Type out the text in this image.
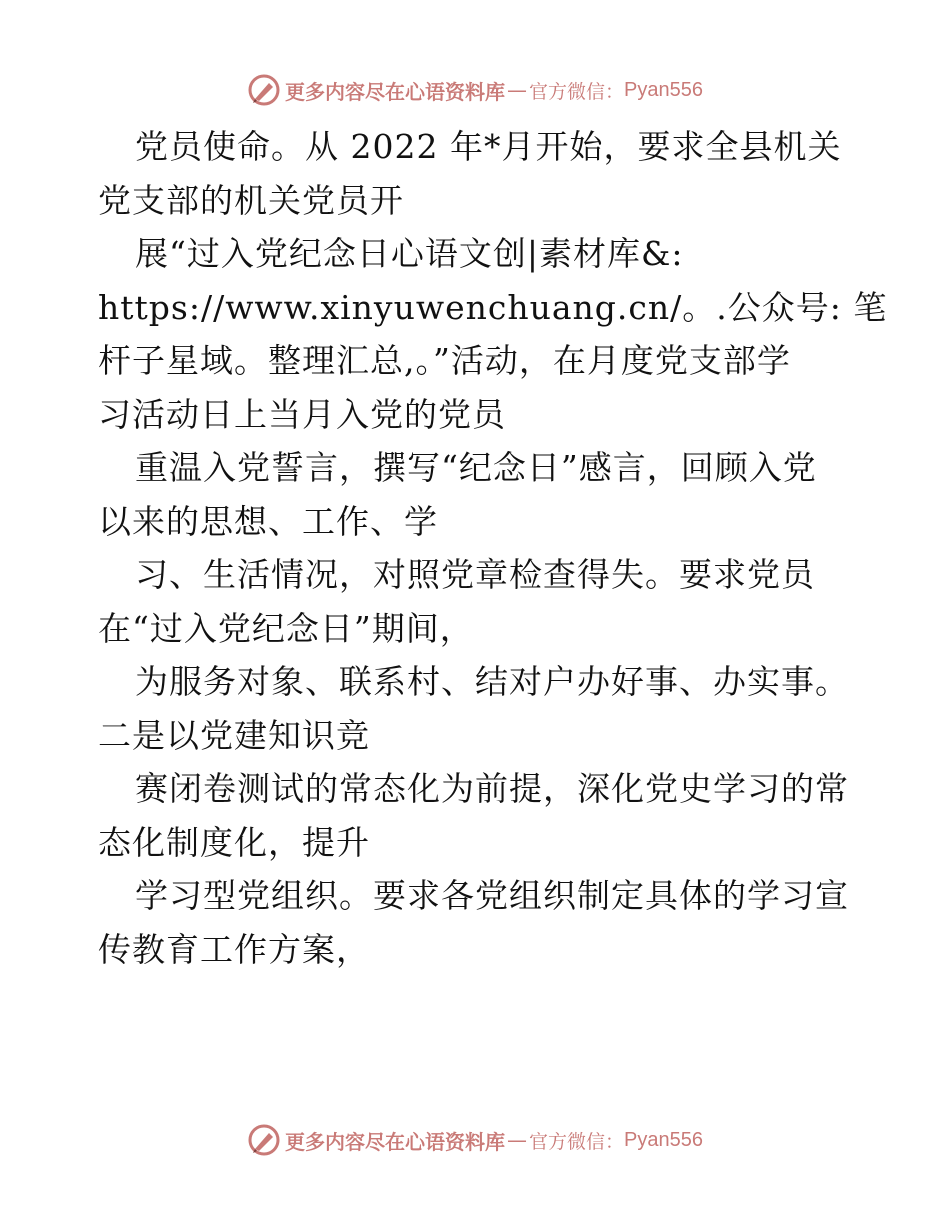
更多内容尽在心语资料库 — 官方微信： Pyan556
党员使命。从 2022 年*月开始，要求全县机关
党支部的机关党员开
展“过入党纪念日心语文创|素材库&:
https://www.xinyuwenchuang.cn/。.公众号: 笔
杆子星域。整理汇总,。”活动，在月度党支部学
习活动日上当月入党的党员
重温入党誓言，撰写“纪念日”感言，回顾入党
以来的思想、工作、学
习、生活情况，对照党章检查得失。要求党员
在“过入党纪念日”期间，
为服务对象、联系村、结对户办好事、办实事。
二是以党建知识竞
赛闭卷测试的常态化为前提，深化党史学习的常
态化制度化，提升
学习型党组织。要求各党组织制定具体的学习宣
传教育工作方案，
更多内容尽在心语资料库 — 官方微信： Pyan556
